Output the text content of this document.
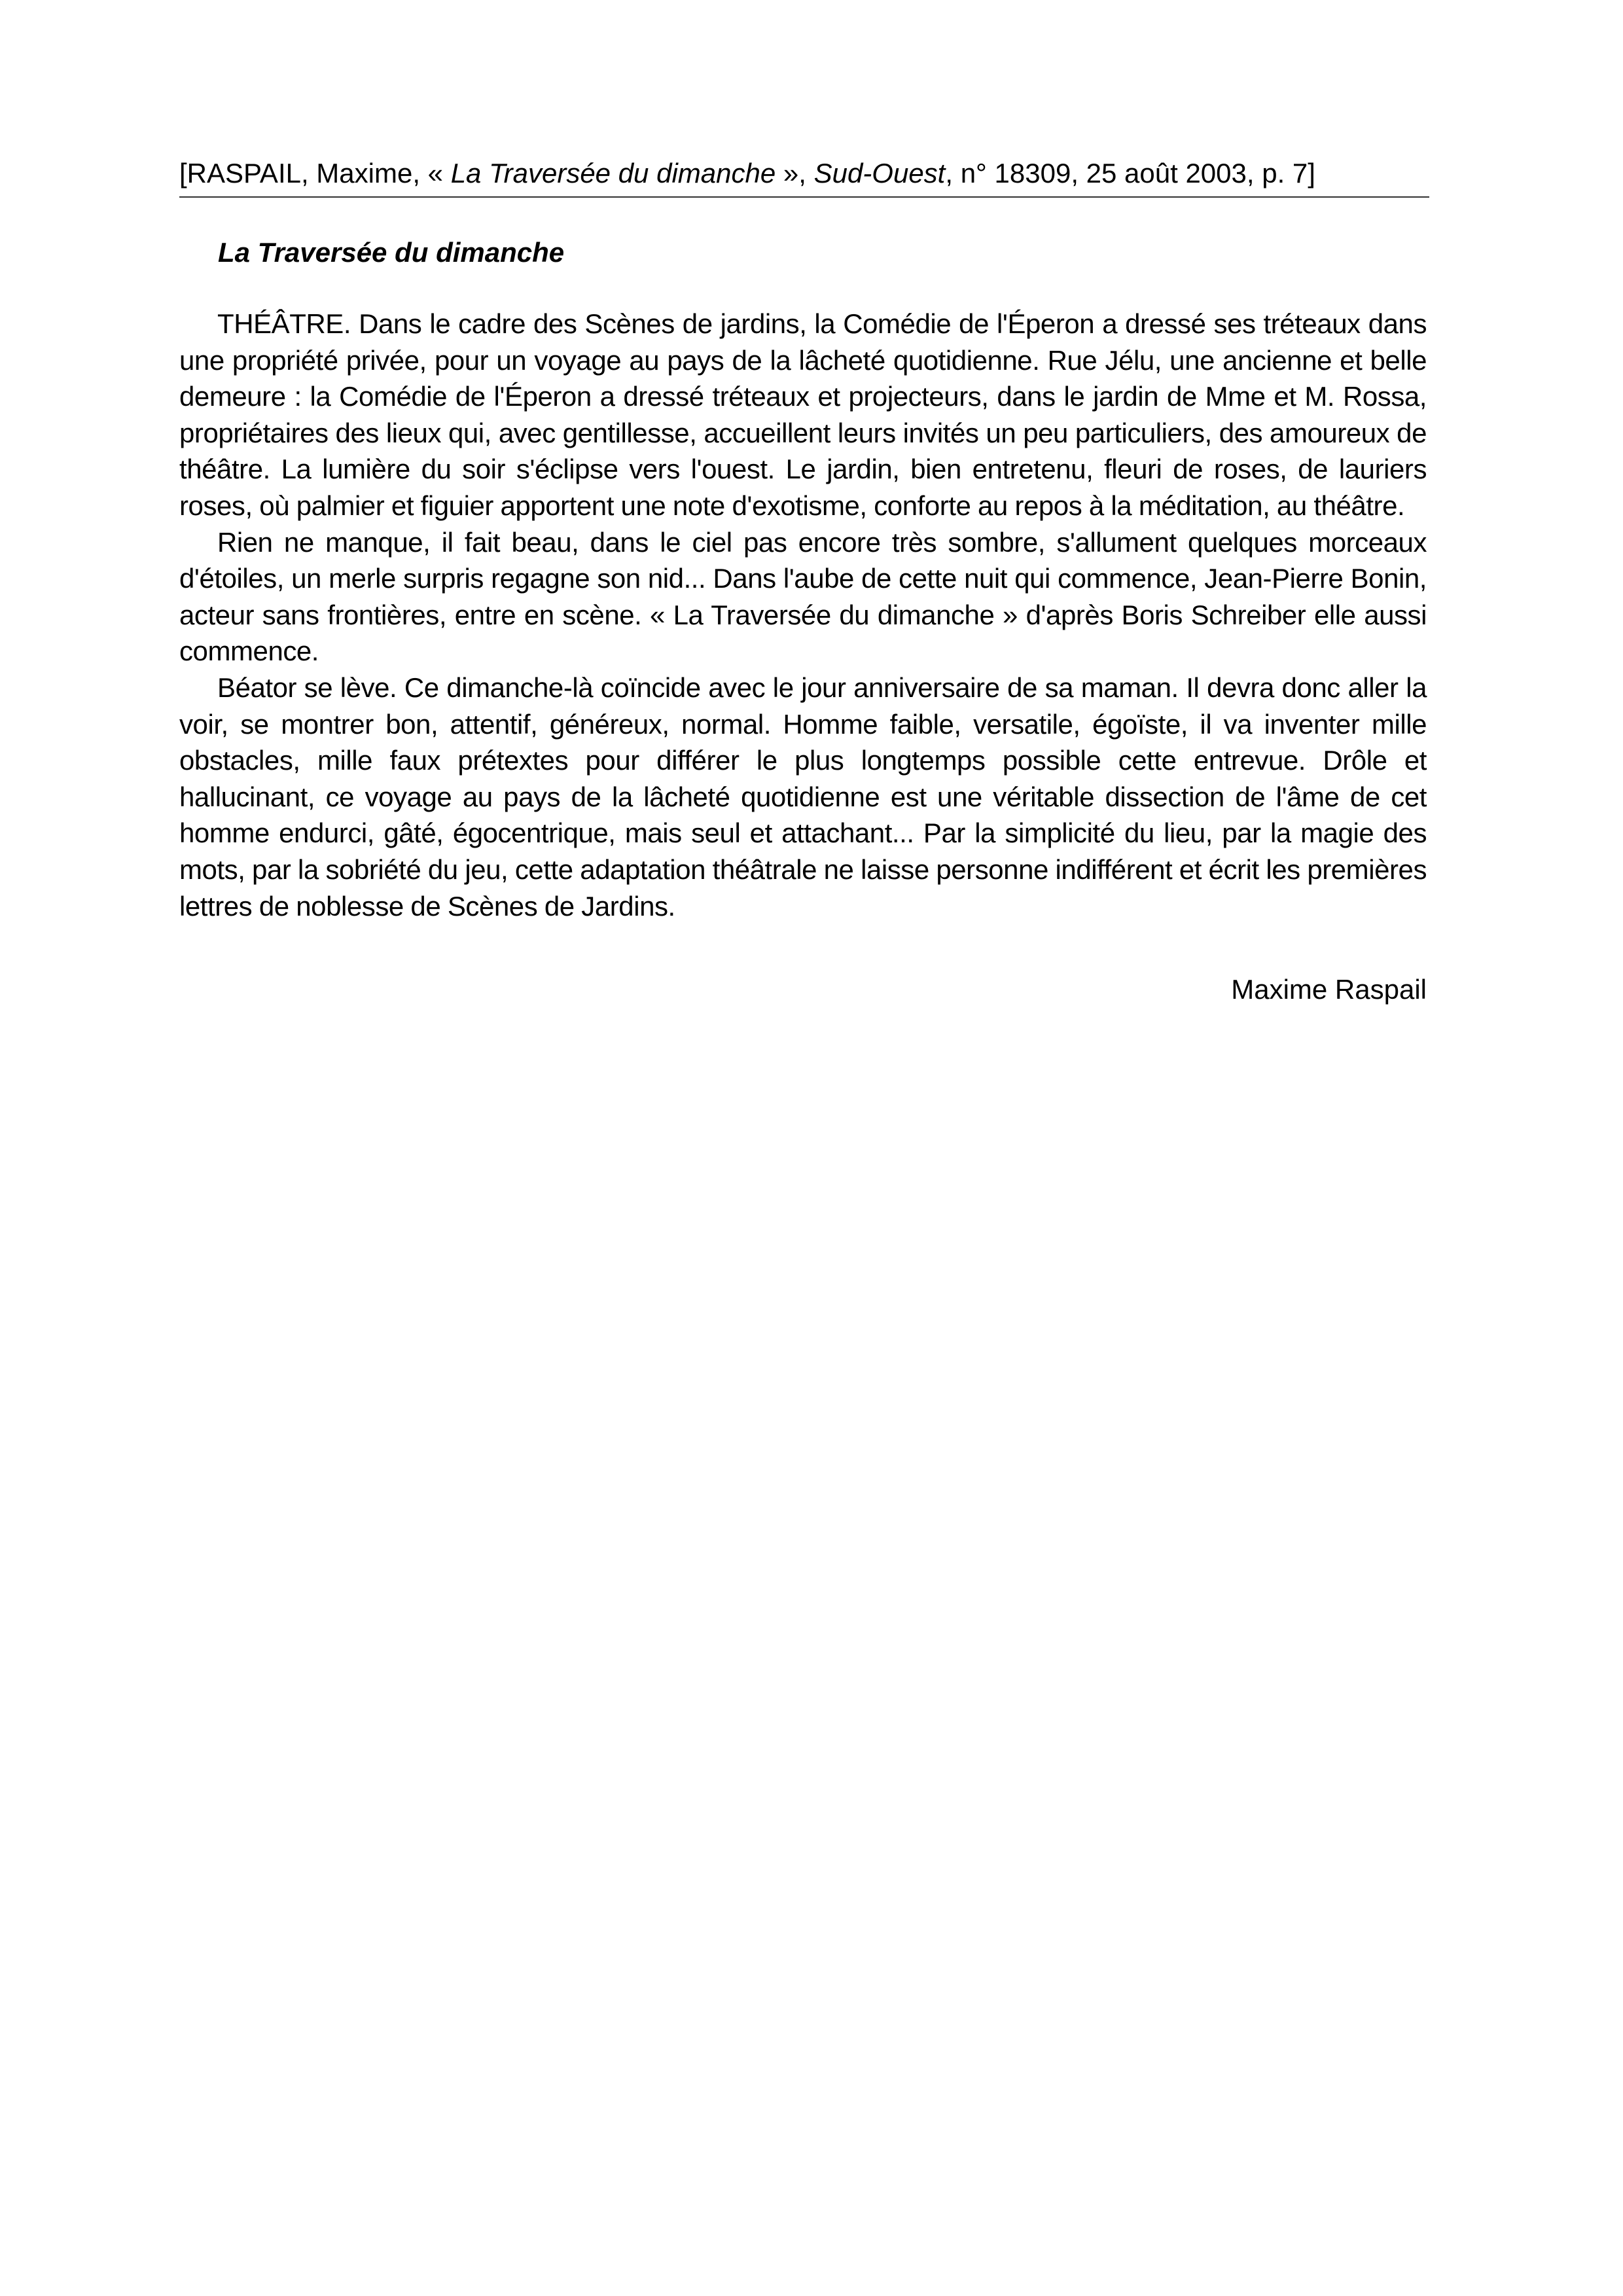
[RASPAIL, Maxime, « La Traversée du dimanche », Sud-Ouest, n° 18309, 25 août 2003, p. 7]

La Traversée du dimanche

THÉÂTRE. Dans le cadre des Scènes de jardins, la Comédie de l'Éperon a dressé ses tréteaux dans une propriété privée, pour un voyage au pays de la lâcheté quotidienne. Rue Jélu, une ancienne et belle demeure : la Comédie de l'Éperon a dressé tréteaux et projecteurs, dans le jardin de Mme et M. Rossa, propriétaires des lieux qui, avec gentillesse, accueillent leurs invités un peu particuliers, des amoureux de théâtre. La lumière du soir s'éclipse vers l'ouest. Le jardin, bien entretenu, fleuri de roses, de lauriers roses, où palmier et figuier apportent une note d'exotisme, conforte au repos à la méditation, au théâtre.

Rien ne manque, il fait beau, dans le ciel pas encore très sombre, s'allument quelques morceaux d'étoiles, un merle surpris regagne son nid... Dans l'aube de cette nuit qui commence, Jean-Pierre Bonin, acteur sans frontières, entre en scène. « La Traversée du dimanche » d'après Boris Schreiber elle aussi commence.

Béator se lève. Ce dimanche-là coïncide avec le jour anniversaire de sa maman. Il devra donc aller la voir, se montrer bon, attentif, généreux, normal. Homme faible, versatile, égoïste, il va inventer mille obstacles, mille faux prétextes pour différer le plus longtemps possible cette entrevue. Drôle et hallucinant, ce voyage au pays de la lâcheté quotidienne est une véritable dissection de l'âme de cet homme endurci, gâté, égocentrique, mais seul et attachant... Par la simplicité du lieu, par la magie des mots, par la sobriété du jeu, cette adaptation théâtrale ne laisse personne indifférent et écrit les premières lettres de noblesse de Scènes de Jardins.

Maxime Raspail
